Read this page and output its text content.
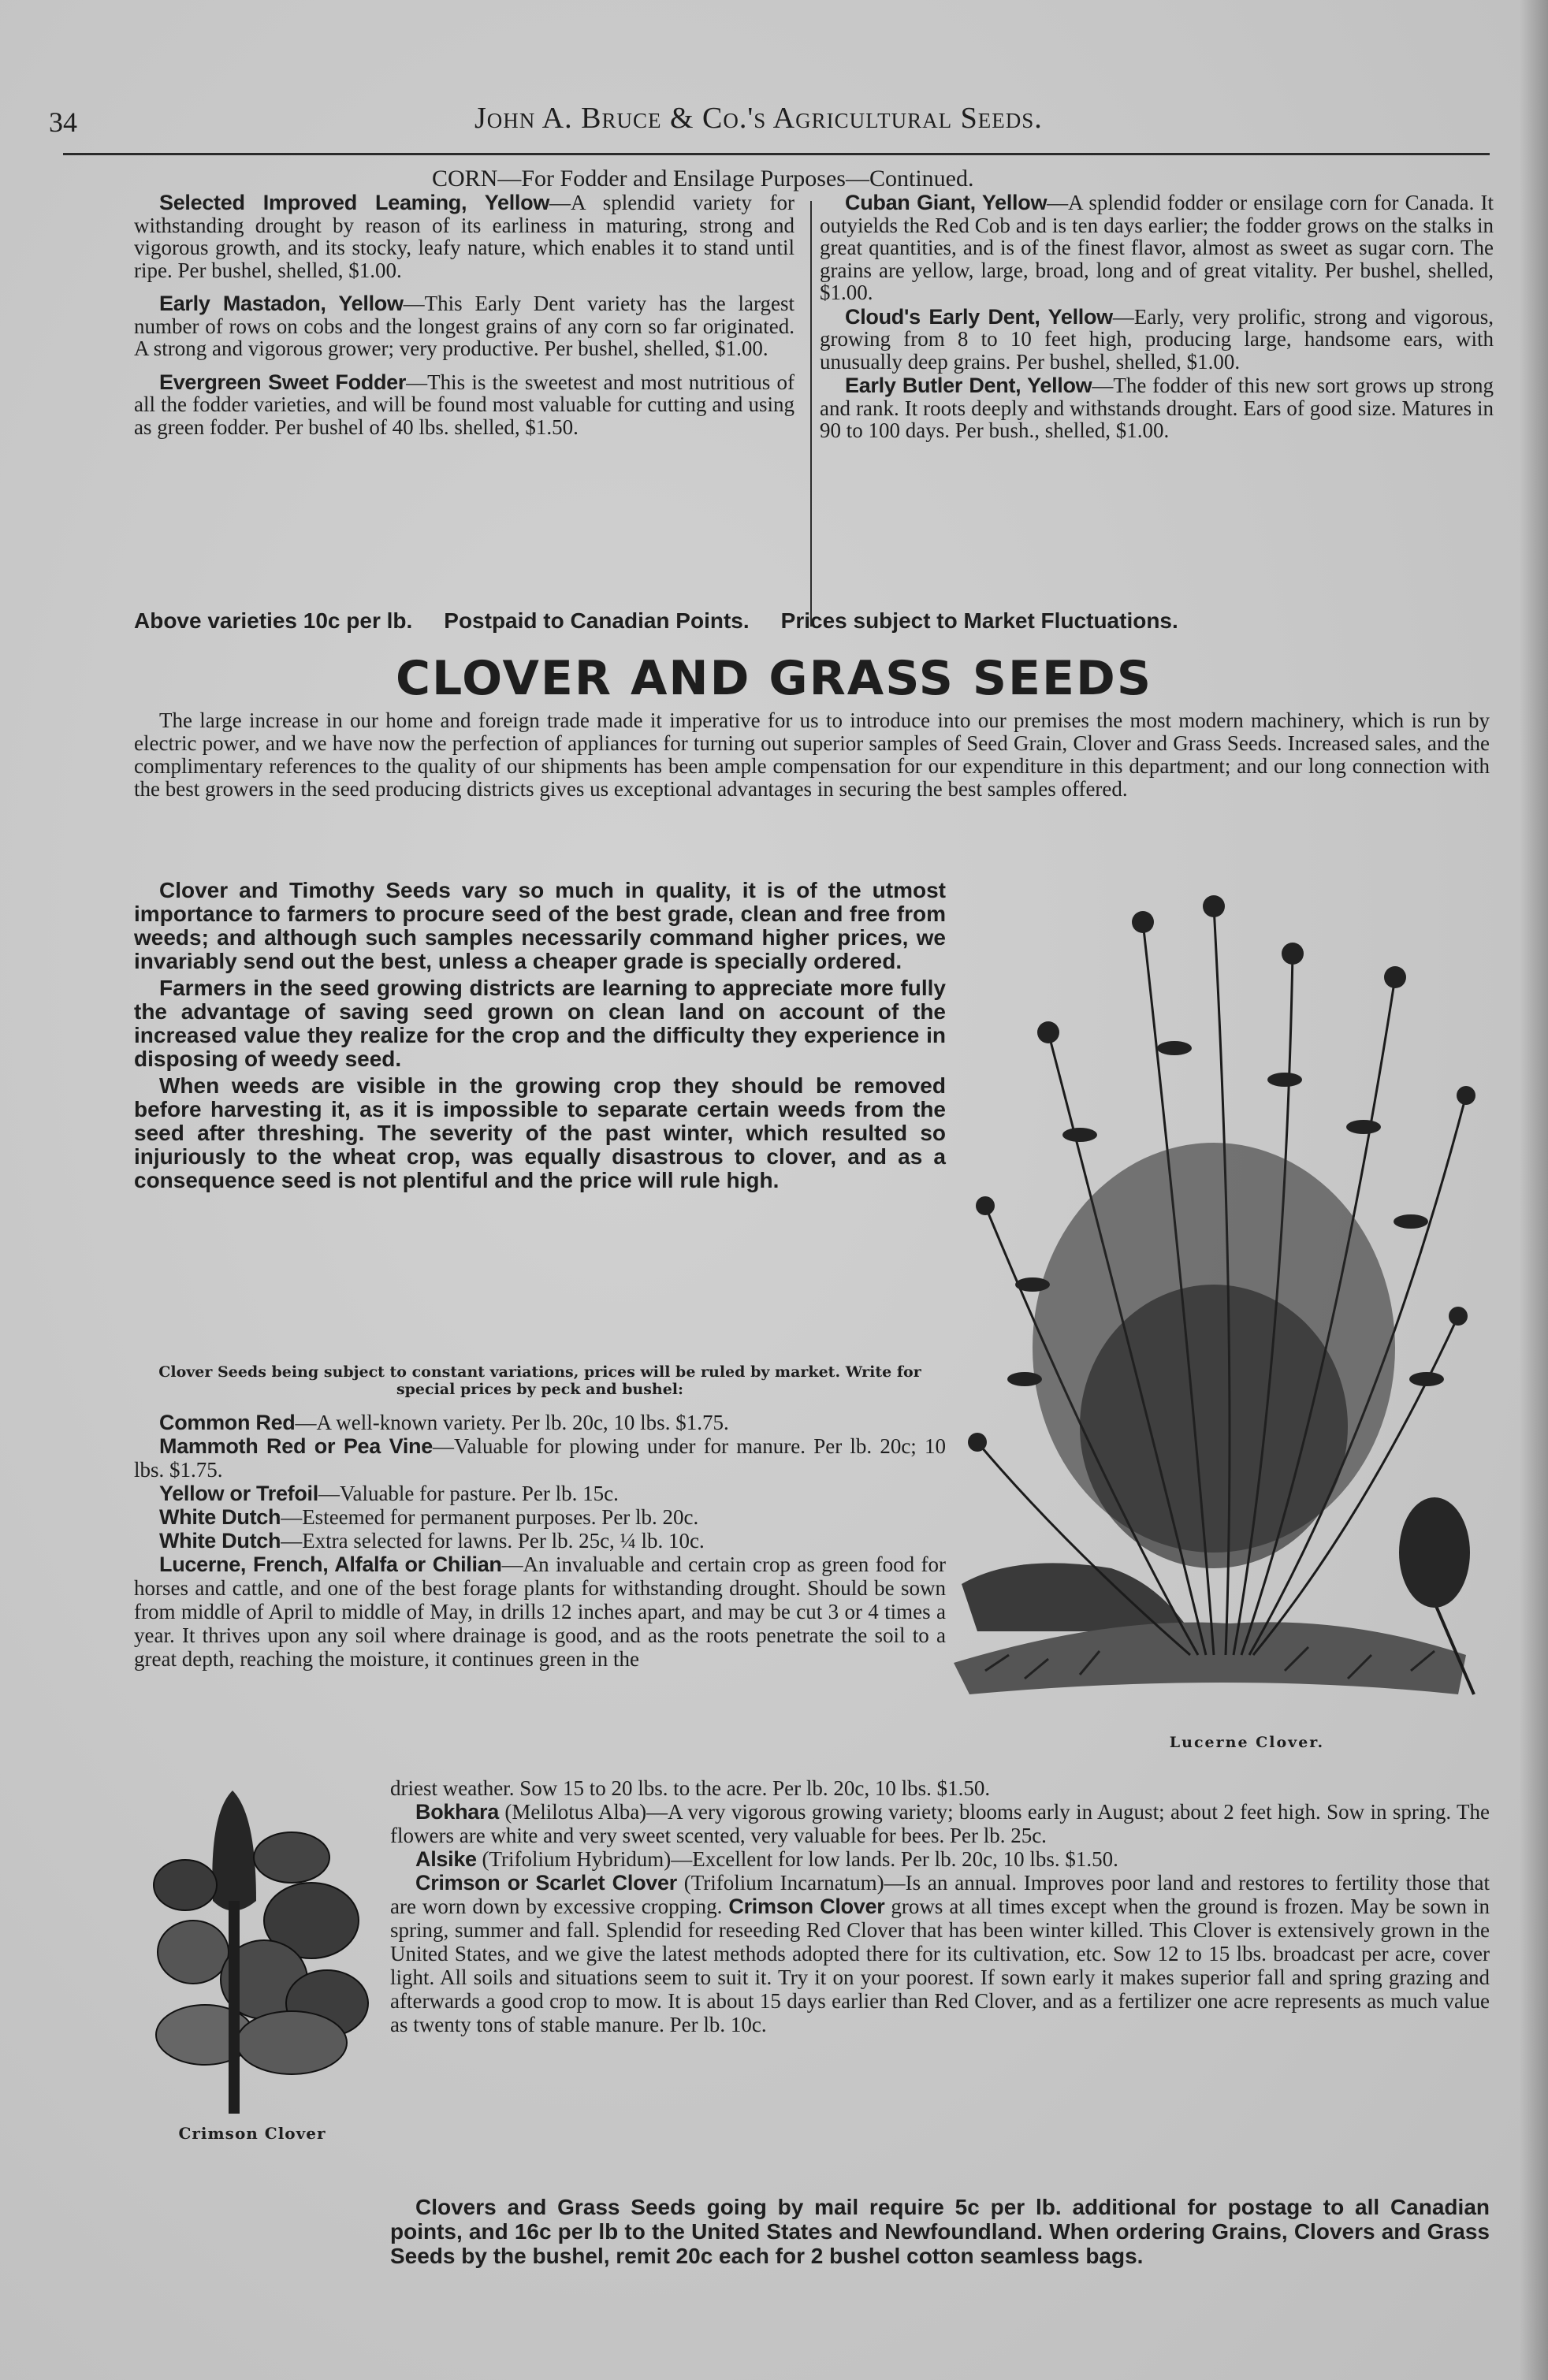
34	John A. Bruce & Co.'s Agricultural Seeds.
CORN—For Fodder and Ensilage Purposes—Continued.

Selected Improved Leaming, Yellow—A splendid variety for withstanding drought by reason of its earliness in maturing, strong and vigorous growth, and its stocky, leafy nature, which enables it to stand until ripe. Per bushel, shelled, $1.00.

Early Mastadon, Yellow—This Early Dent variety has the largest number of rows on cobs and the longest grains of any corn so far originated. A strong and vigorous grower; very productive. Per bushel, shelled, $1.00.

Evergreen Sweet Fodder—This is the sweetest and most nutritious of all the fodder varieties, and will be found most valuable for cutting and using as green fodder. Per bushel of 40 lbs. shelled, $1.50.

Cuban Giant, Yellow—A splendid fodder or ensilage corn for Canada. It outyields the Red Cob and is ten days earlier; the fodder grows on the stalks in great quantities, and is of the finest flavor, almost as sweet as sugar corn. The grains are yellow, large, broad, long and of great vitality. Per bushel, shelled, $1.00.

Cloud's Early Dent, Yellow—Early, very prolific, strong and vigorous, growing from 8 to 10 feet high, producing large, handsome ears, with unusually deep grains. Per bushel, shelled, $1.00.

Early Butler Dent, Yellow—The fodder of this new sort grows up strong and rank. It roots deeply and withstands drought. Ears of good size. Matures in 90 to 100 days. Per bush., shelled, $1.00.

Above varieties 10c per lb. Postpaid to Canadian Points. Prices subject to Market Fluctuations.
CLOVER AND GRASS SEEDS
The large increase in our home and foreign trade made it imperative for us to introduce into our premises the most modern machinery, which is run by electric power, and we have now the perfection of appliances for turning out superior samples of Seed Grain, Clover and Grass Seeds. Increased sales, and the complimentary references to the quality of our shipments has been ample compensation for our expenditure in this department; and our long connection with the best growers in the seed producing districts gives us exceptional advantages in securing the best samples offered.

Clover and Timothy Seeds vary so much in quality, it is of the utmost importance to farmers to procure seed of the best grade, clean and free from weeds; and although such samples necessarily command higher prices, we invariably send out the best, unless a cheaper grade is specially ordered.

Farmers in the seed growing districts are learning to appreciate more fully the advantage of saving seed grown on clean land on account of the increased value they realize for the crop and the difficulty they experience in disposing of weedy seed.

When weeds are visible in the growing crop they should be removed before harvesting it, as it is impossible to separate certain weeds from the seed after threshing. The severity of the past winter, which resulted so injuriously to the wheat crop, was equally disastrous to clover, and as a consequence seed is not plentiful and the price will rule high.

Clover Seeds being subject to constant variations, prices will be ruled by market. Write for special prices by peck and bushel:

Common Red—A well-known variety. Per lb. 20c, 10 lbs. $1.75.

Mammoth Red or Pea Vine—Valuable for plowing under for manure. Per lb. 20c; 10 lbs. $1.75.

Yellow or Trefoil—Valuable for pasture. Per lb. 15c.

White Dutch—Esteemed for permanent purposes. Per lb. 20c.

White Dutch—Extra selected for lawns. Per lb. 25c, ¼ lb. 10c.

Lucerne, French, Alfalfa or Chilian—An invaluable and certain crop as green food for horses and cattle, and one of the best forage plants for withstanding drought. Should be sown from middle of April to middle of May, in drills 12 inches apart, and may be cut 3 or 4 times a year. It thrives upon any soil where drainage is good, and as the roots penetrate the soil to a great depth, reaching the moisture, it continues green in the

driest weather. Sow 15 to 20 lbs. to the acre. Per lb. 20c, 10 lbs. $1.50.

Bokhara (Melilotus Alba)—A very vigorous growing variety; blooms early in August; about 2 feet high. Sow in spring. The flowers are white and very sweet scented, very valuable for bees. Per lb. 25c.

Alsike (Trifolium Hybridum)—Excellent for low lands. Per lb. 20c, 10 lbs. $1.50.

Crimson or Scarlet Clover (Trifolium Incarnatum)—Is an annual. Improves poor land and restores to fertility those that are worn down by excessive cropping. Crimson Clover grows at all times except when the ground is frozen. May be sown in spring, summer and fall. Splendid for reseeding Red Clover that has been winter killed. This Clover is extensively grown in the United States, and we give the latest methods adopted there for its cultivation, etc. Sow 12 to 15 lbs. broadcast per acre, cover light. All soils and situations seem to suit it. Try it on your poorest. If sown early it makes superior fall and spring grazing and afterwards a good crop to mow. It is about 15 days earlier than Red Clover, and as a fertilizer one acre represents as much value as twenty tons of stable manure. Per lb. 10c.

Clovers and Grass Seeds going by mail require 5c per lb. additional for postage to all Canadian points, and 16c per lb to the United States and Newfoundland. When ordering Grains, Clovers and Grass Seeds by the bushel, remit 20c each for 2 bushel cotton seamless bags.
Lucerne Clover.
Crimson Clover
